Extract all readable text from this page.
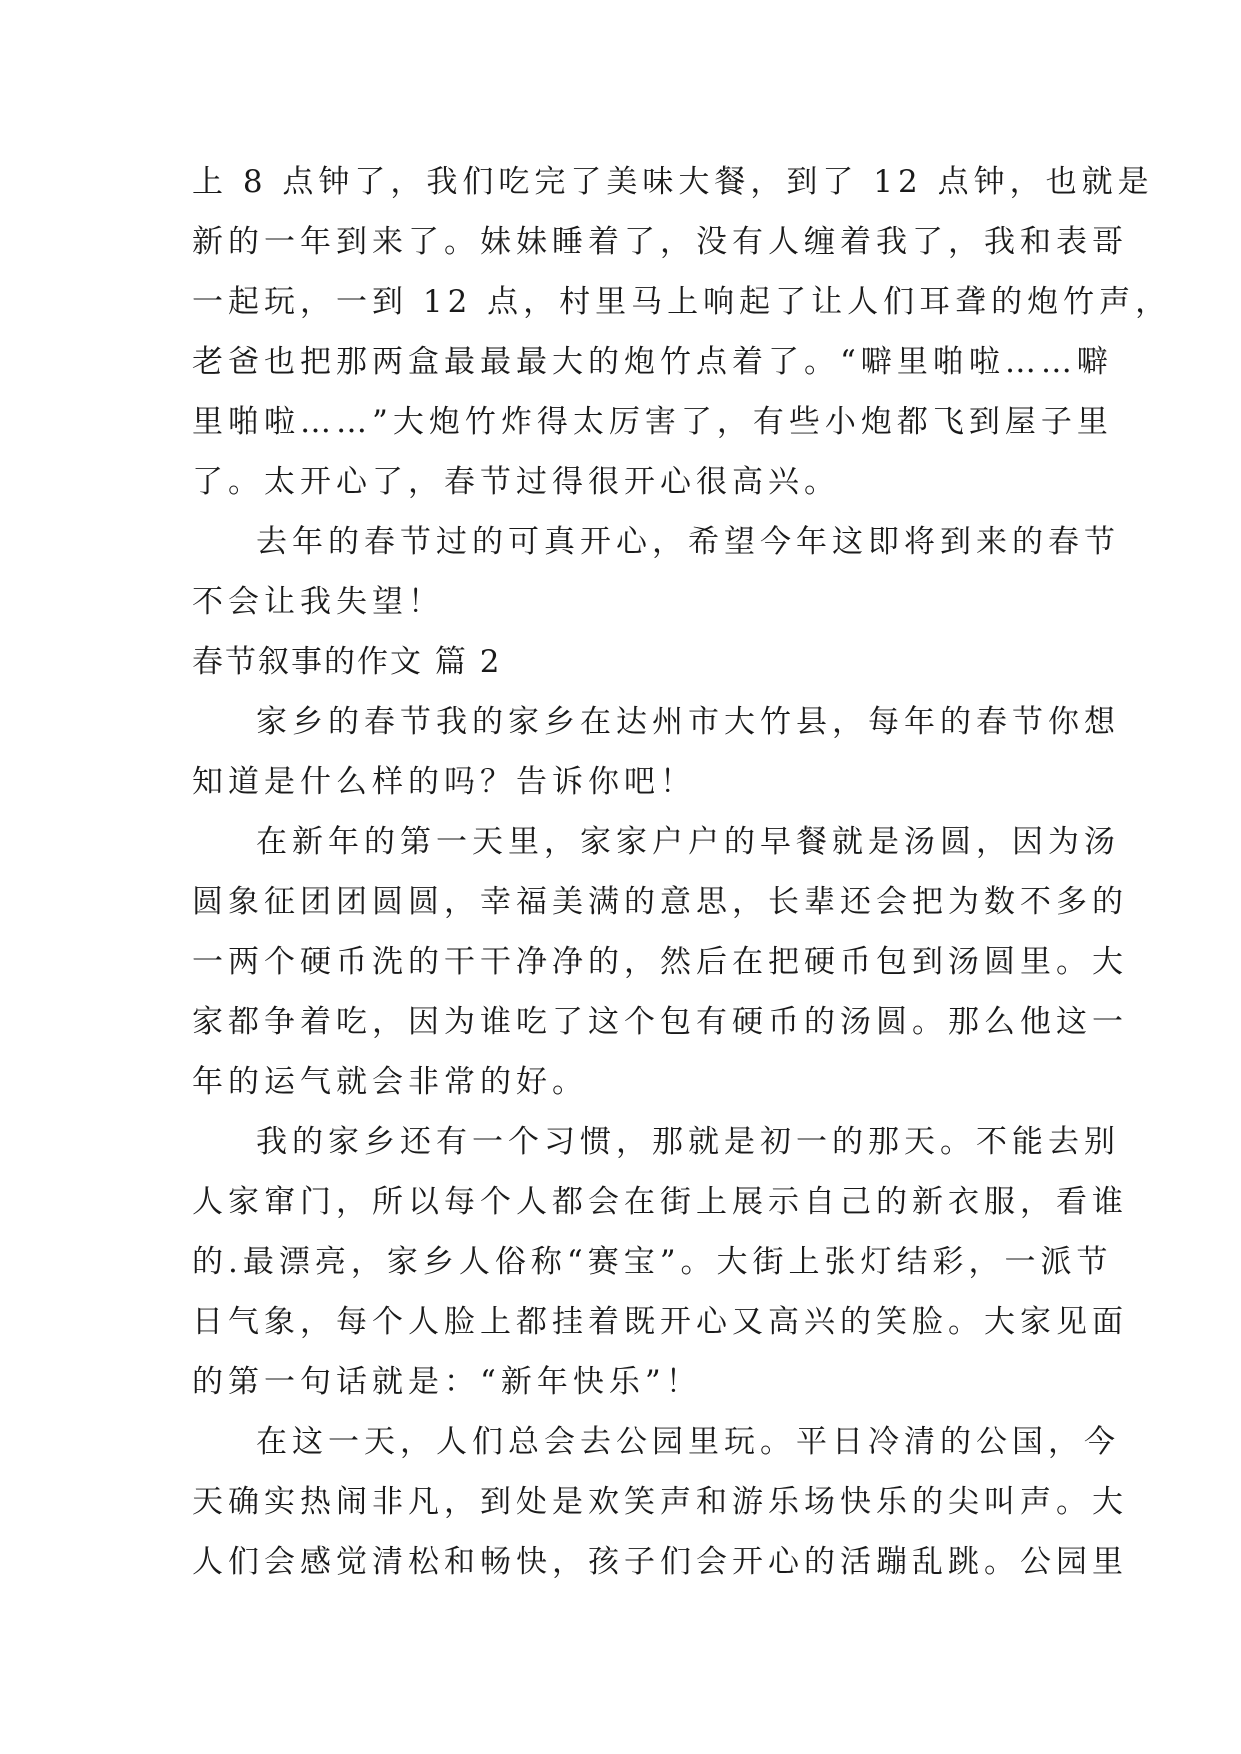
上 8 点钟了，我们吃完了美味大餐，到了 12 点钟，也就是
新的一年到来了。妹妹睡着了，没有人缠着我了，我和表哥
一起玩，一到 12 点，村里马上响起了让人们耳聋的炮竹声，
老爸也把那两盒最最最大的炮竹点着了。“噼里啪啦……噼
里啪啦……”大炮竹炸得太厉害了，有些小炮都飞到屋子里
了。太开心了，春节过得很开心很高兴。
去年的春节过的可真开心，希望今年这即将到来的春节
不会让我失望！
春节叙事的作文 篇 2
家乡的春节我的家乡在达州市大竹县，每年的春节你想
知道是什么样的吗？告诉你吧！
在新年的第一天里，家家户户的早餐就是汤圆，因为汤
圆象征团团圆圆，幸福美满的意思，长辈还会把为数不多的
一两个硬币洗的干干净净的，然后在把硬币包到汤圆里。大
家都争着吃，因为谁吃了这个包有硬币的汤圆。那么他这一
年的运气就会非常的好。
我的家乡还有一个习惯，那就是初一的那天。不能去别
人家窜门，所以每个人都会在街上展示自己的新衣服，看谁
的.最漂亮，家乡人俗称“赛宝”。大街上张灯结彩，一派节
日气象，每个人脸上都挂着既开心又高兴的笑脸。大家见面
的第一句话就是：“新年快乐”！
在这一天，人们总会去公园里玩。平日冷清的公国，今
天确实热闹非凡，到处是欢笑声和游乐场快乐的尖叫声。大
人们会感觉清松和畅快，孩子们会开心的活蹦乱跳。公园里
